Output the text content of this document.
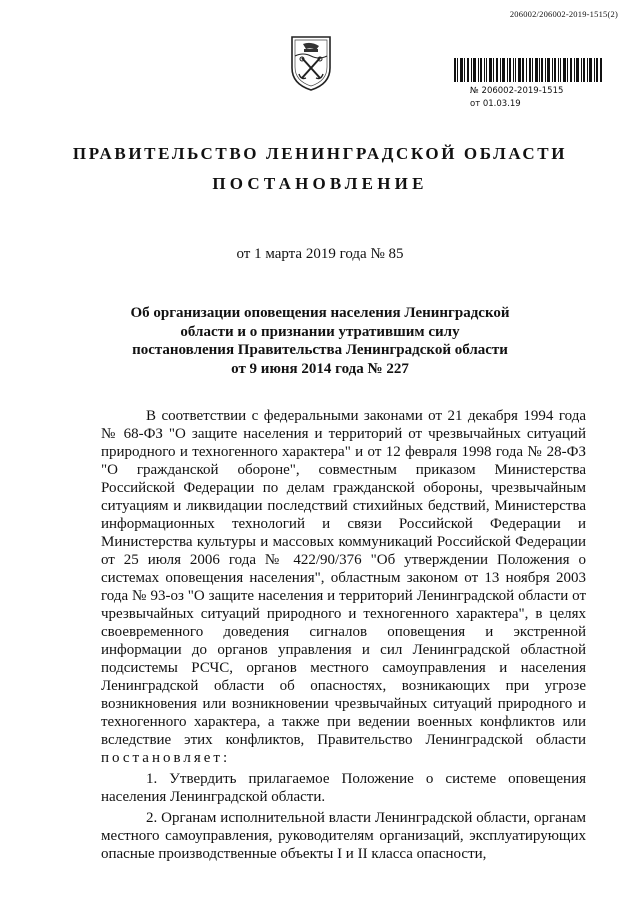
206002/206002-2019-1515(2)
№ 206002-2019-1515
от 01.03.19
ПРАВИТЕЛЬСТВО ЛЕНИНГРАДСКОЙ ОБЛАСТИ
ПОСТАНОВЛЕНИЕ
от 1 марта 2019 года № 85
Об организации оповещения населения Ленинградской области и о признании утратившим силу постановления Правительства Ленинградской области от 9 июня 2014 года № 227

В соответствии с федеральными законами от 21 декабря 1994 года № 68-ФЗ "О защите населения и территорий от чрезвычайных ситуаций природного и техногенного характера" и от 12 февраля 1998 года № 28-ФЗ "О гражданской обороне", совместным приказом Министерства Российской Федерации по делам гражданской обороны, чрезвычайным ситуациям и ликвидации последствий стихийных бедствий, Министерства информационных технологий и связи Российской Федерации и Министерства культуры и массовых коммуникаций Российской Федерации от 25 июля 2006 года № 422/90/376 "Об утверждении Положения о системах оповещения населения", областным законом от 13 ноября 2003 года № 93-оз "О защите населения и территорий Ленинградской области от чрезвычайных ситуаций природного и техногенного характера", в целях своевременного доведения сигналов оповещения и экстренной информации до органов управления и сил Ленинградской областной подсистемы РСЧС, органов местного самоуправления и населения Ленинградской области об опасностях, возникающих при угрозе возникновения или возникновении чрезвычайных ситуаций природного и техногенного характера, а также при ведении военных конфликтов или вследствие этих конфликтов, Правительство Ленинградской области постановляет:

1. Утвердить прилагаемое Положение о системе оповещения населения Ленинградской области.

2. Органам исполнительной власти Ленинградской области, органам местного самоуправления, руководителям организаций, эксплуатирующих опасные производственные объекты I и II класса опасности,
